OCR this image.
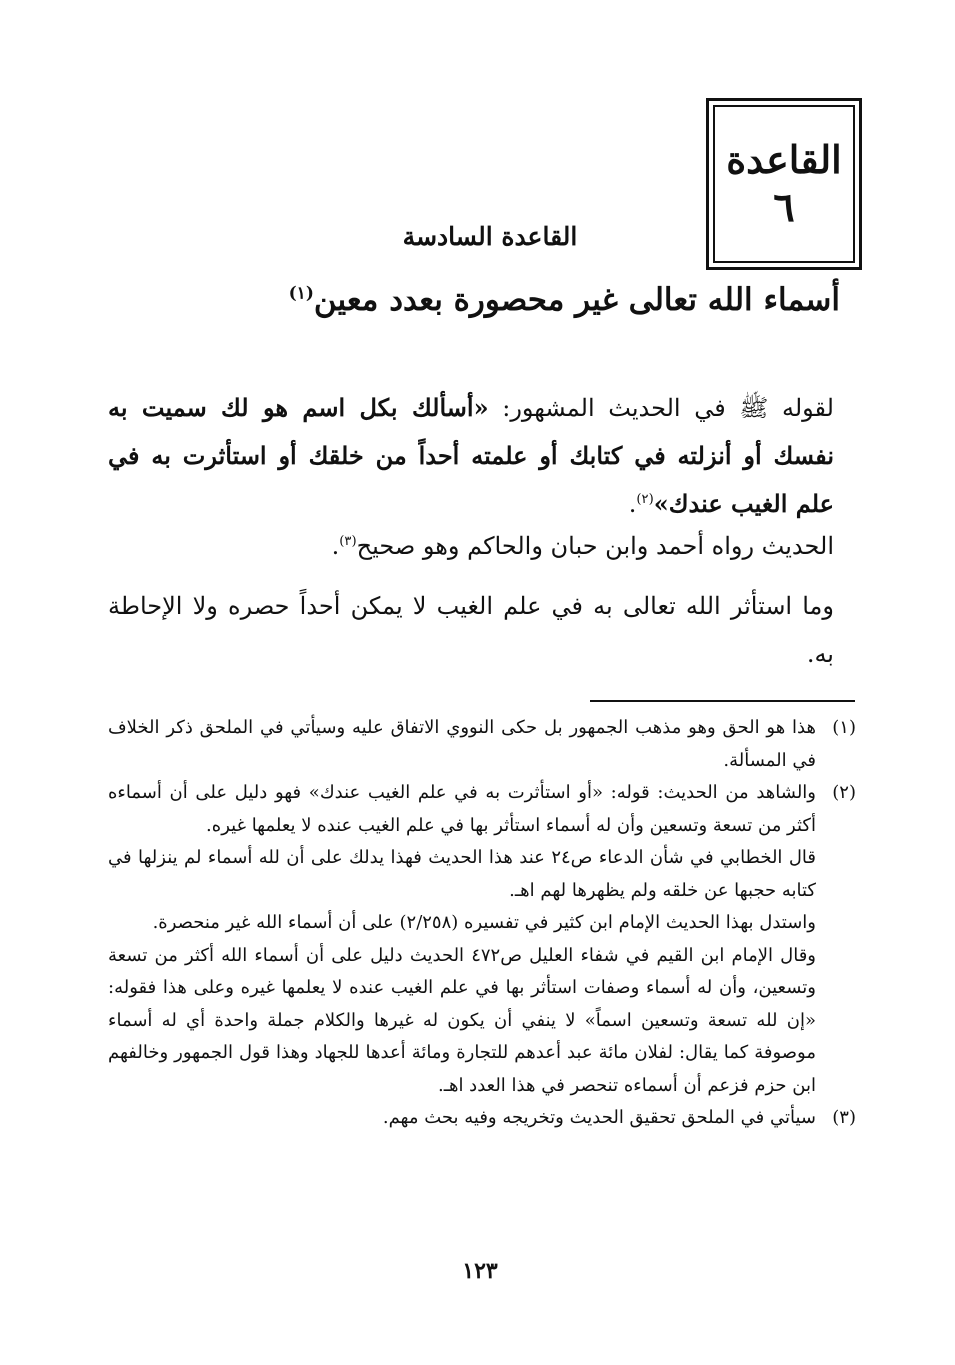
القاعدة
٦
القاعدة السادسة
أسماء الله تعالى غير محصورة بعدد معين$^{(١)}$
لقوله ﷺ في الحديث المشهور: «أسألك بكل اسم هو لك سميت به نفسك أو أنزلته في كتابك أو علمته أحداً من خلقك أو استأثرت به في علم الغيب عندك»$^{(٢)}$.
الحديث رواه أحمد وابن حبان والحاكم وهو صحيح$^{(٣)}$.
وما استأثر الله تعالى به في علم الغيب لا يمكن أحداً حصره ولا الإحاطة به.
(١)
هذا هو الحق وهو مذهب الجمهور بل حكى النووي الاتفاق عليه وسيأتي في الملحق ذكر الخلاف في المسألة.
(٢)
والشاهد من الحديث: قوله: «أو استأثرت به في علم الغيب عندك» فهو دليل على أن أسماءه أكثر من تسعة وتسعين وأن له أسماء استأثر بها في علم الغيب عنده لا يعلمها غيره.
قال الخطابي في شأن الدعاء ص٢٤ عند هذا الحديث فهذا يدلك على أن لله أسماء لم ينزلها في كتابه حجبها عن خلقه ولم يظهرها لهم اهـ.
واستدل بهذا الحديث الإمام ابن كثير في تفسيره (٢/٢٥٨) على أن أسماء الله غير منحصرة.
وقال الإمام ابن القيم في شفاء العليل ص٤٧٢ الحديث دليل على أن أسماء الله أكثر من تسعة وتسعين، وأن له أسماء وصفات استأثر بها في علم الغيب عنده لا يعلمها غيره وعلى هذا فقوله: «إن لله تسعة وتسعين اسماً» لا ينفي أن يكون له غيرها والكلام جملة واحدة أي له أسماء موصوفة كما يقال: لفلان مائة عبد أعدهم للتجارة ومائة أعدها للجهاد وهذا قول الجمهور وخالفهم ابن حزم فزعم أن أسماءه تنحصر في هذا العدد اهـ.
(٣)
سيأتي في الملحق تحقيق الحديث وتخريجه وفيه بحث مهم.
١٢٣
